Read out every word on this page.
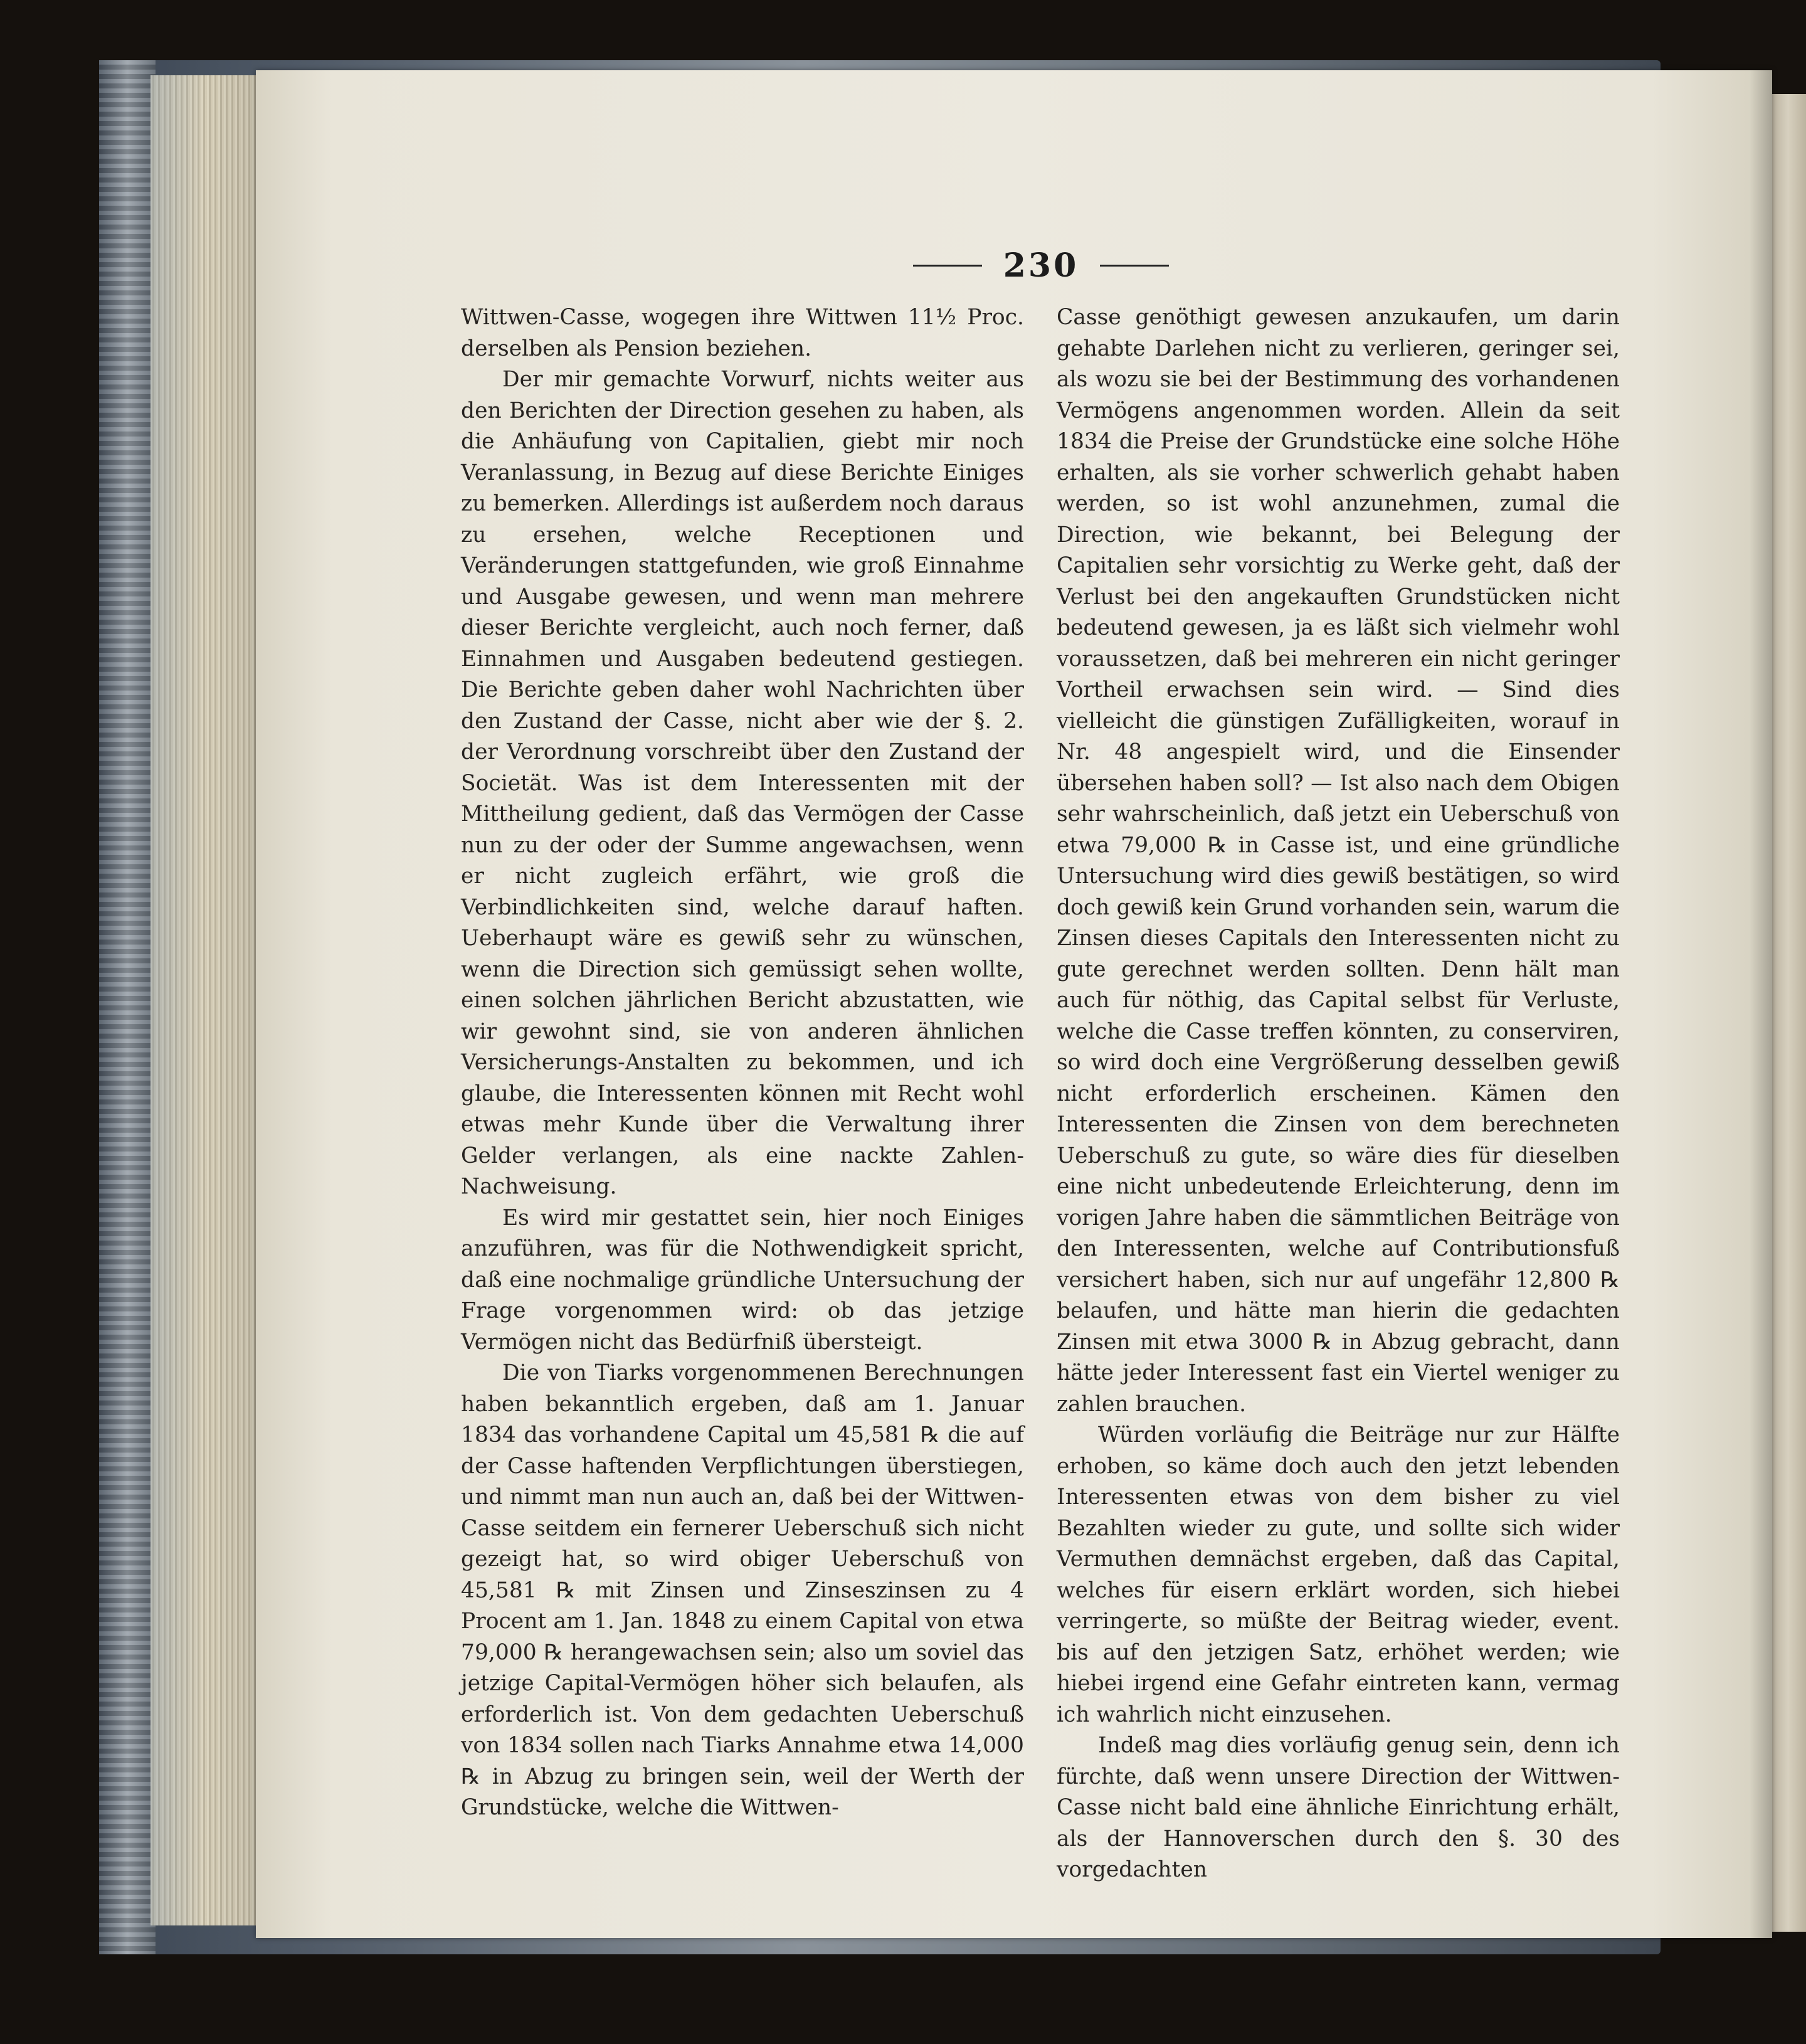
230

Wittwen-Casse, wogegen ihre Wittwen 11½ Proc. derselben als Pension beziehen.

Der mir gemachte Vorwurf, nichts weiter aus den Berichten der Direction gesehen zu haben, als die Anhäufung von Capitalien, giebt mir noch Veranlassung, in Bezug auf diese Berichte Einiges zu bemerken. Allerdings ist außerdem noch daraus zu ersehen, welche Receptionen und Veränderungen stattgefunden, wie groß Einnahme und Ausgabe gewesen, und wenn man mehrere dieser Berichte vergleicht, auch noch ferner, daß Einnahmen und Ausgaben bedeutend gestiegen. Die Berichte geben daher wohl Nachrichten über den Zustand der Casse, nicht aber wie der §. 2. der Verordnung vorschreibt über den Zustand der Societät. Was ist dem Interessenten mit der Mittheilung gedient, daß das Vermögen der Casse nun zu der oder der Summe angewachsen, wenn er nicht zugleich erfährt, wie groß die Verbindlichkeiten sind, welche darauf haften. Ueberhaupt wäre es gewiß sehr zu wünschen, wenn die Direction sich gemüssigt sehen wollte, einen solchen jährlichen Bericht abzustatten, wie wir gewohnt sind, sie von anderen ähnlichen Versicherungs-Anstalten zu bekommen, und ich glaube, die Interessenten können mit Recht wohl etwas mehr Kunde über die Verwaltung ihrer Gelder verlangen, als eine nackte Zahlen-Nachweisung.

Es wird mir gestattet sein, hier noch Einiges anzuführen, was für die Nothwendigkeit spricht, daß eine nochmalige gründliche Untersuchung der Frage vorgenommen wird: ob das jetzige Vermögen nicht das Bedürfniß übersteigt.

Die von Tiarks vorgenommenen Berechnungen haben bekanntlich ergeben, daß am 1. Januar 1834 das vorhandene Capital um 45,581 ℞ die auf der Casse haftenden Verpflichtungen überstiegen, und nimmt man nun auch an, daß bei der Wittwen-Casse seitdem ein fernerer Ueberschuß sich nicht gezeigt hat, so wird obiger Ueberschuß von 45,581 ℞ mit Zinsen und Zinseszinsen zu 4 Procent am 1. Jan. 1848 zu einem Capital von etwa 79,000 ℞ herangewachsen sein; also um soviel das jetzige Capital-Vermögen höher sich belaufen, als erforderlich ist. Von dem gedachten Ueberschuß von 1834 sollen nach Tiarks Annahme etwa 14,000 ℞ in Abzug zu bringen sein, weil der Werth der Grundstücke, welche die Wittwen-

Casse genöthigt gewesen anzukaufen, um darin gehabte Darlehen nicht zu verlieren, geringer sei, als wozu sie bei der Bestimmung des vorhandenen Vermögens angenommen worden. Allein da seit 1834 die Preise der Grundstücke eine solche Höhe erhalten, als sie vorher schwerlich gehabt haben werden, so ist wohl anzunehmen, zumal die Direction, wie bekannt, bei Belegung der Capitalien sehr vorsichtig zu Werke geht, daß der Verlust bei den angekauften Grundstücken nicht bedeutend gewesen, ja es läßt sich vielmehr wohl voraussetzen, daß bei mehreren ein nicht geringer Vortheil erwachsen sein wird. — Sind dies vielleicht die günstigen Zufälligkeiten, worauf in Nr. 48 angespielt wird, und die Einsender übersehen haben soll? — Ist also nach dem Obigen sehr wahrscheinlich, daß jetzt ein Ueberschuß von etwa 79,000 ℞ in Casse ist, und eine gründliche Untersuchung wird dies gewiß bestätigen, so wird doch gewiß kein Grund vorhanden sein, warum die Zinsen dieses Capitals den Interessenten nicht zu gute gerechnet werden sollten. Denn hält man auch für nöthig, das Capital selbst für Verluste, welche die Casse treffen könnten, zu conserviren, so wird doch eine Vergrößerung desselben gewiß nicht erforderlich erscheinen. Kämen den Interessenten die Zinsen von dem berechneten Ueberschuß zu gute, so wäre dies für dieselben eine nicht unbedeutende Erleichterung, denn im vorigen Jahre haben die sämmtlichen Beiträge von den Interessenten, welche auf Contributionsfuß versichert haben, sich nur auf ungefähr 12,800 ℞ belaufen, und hätte man hierin die gedachten Zinsen mit etwa 3000 ℞ in Abzug gebracht, dann hätte jeder Interessent fast ein Viertel weniger zu zahlen brauchen.

Würden vorläufig die Beiträge nur zur Hälfte erhoben, so käme doch auch den jetzt lebenden Interessenten etwas von dem bisher zu viel Bezahlten wieder zu gute, und sollte sich wider Vermuthen demnächst ergeben, daß das Capital, welches für eisern erklärt worden, sich hiebei verringerte, so müßte der Beitrag wieder, event. bis auf den jetzigen Satz, erhöhet werden; wie hiebei irgend eine Gefahr eintreten kann, vermag ich wahrlich nicht einzusehen.

Indeß mag dies vorläufig genug sein, denn ich fürchte, daß wenn unsere Direction der Wittwen-Casse nicht bald eine ähnliche Einrichtung erhält, als der Hannoverschen durch den §. 30 des vorgedachten
